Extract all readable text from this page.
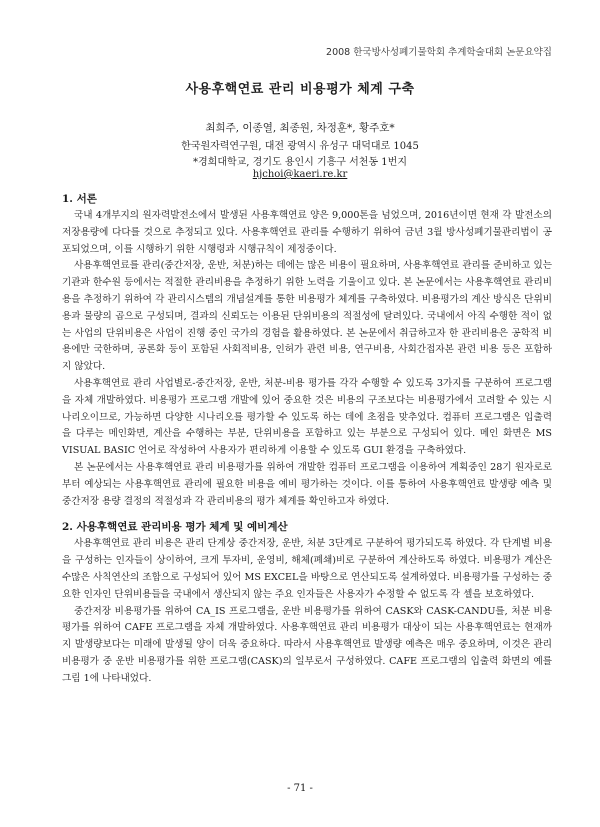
2008 한국방사성폐기물학회 추계학술대회 논문요약집
사용후핵연료 관리 비용평가 체계 구축
최희주, 이종열, 최종원, 차정훈*, 황주호*
한국원자력연구원, 대전 광역시 유성구 대덕대로 1045
*경희대학교, 경기도 용인시 기흥구 서천동 1번지
hjchoi@kaeri.re.kr
1. 서론

국내 4개부지의 원자력발전소에서 발생된 사용후핵연료 양은 9,000톤을 넘었으며, 2016년이면 현재 각 발전소의 저장용량에 다다를 것으로 추정되고 있다. 사용후핵연료 관리를 수행하기 위하여 금년 3월 방사성폐기물관리법이 공포되었으며, 이를 시행하기 위한 시행령과 시행규칙이 제정중이다.

사용후핵연료를 관리(중간저장, 운반, 처분)하는 데에는 많은 비용이 필요하며, 사용후핵연료 관리를 준비하고 있는 기관과 한수원 등에서는 적절한 관리비용을 추정하기 위한 노력을 기울이고 있다. 본 논문에서는 사용후핵연료 관리비용을 추정하기 위하여 각 관리시스템의 개념설계를 통한 비용평가 체계를 구축하였다. 비용평가의 계산 방식은 단위비용과 물량의 곱으로 구성되며, 결과의 신뢰도는 이용된 단위비용의 적절성에 달려있다. 국내에서 아직 수행한 적이 없는 사업의 단위비용은 사업이 진행 중인 국가의 경험을 활용하였다. 본 논문에서 취급하고자 한 관리비용은 공학적 비용에만 국한하며, 공론화 등이 포함된 사회적비용, 인허가 관련 비용, 연구비용, 사회간접자본 관련 비용 등은 포함하지 않았다.

사용후핵연료 관리 사업별로-중간저장, 운반, 처분-비용 평가를 각각 수행할 수 있도록 3가지를 구분하여 프로그램을 자체 개발하였다. 비용평가 프로그램 개발에 있어 중요한 것은 비용의 구조보다는 비용평가에서 고려할 수 있는 시나리오이므로, 가능하면 다양한 시나리오를 평가할 수 있도록 하는 데에 초점을 맞추었다. 컴퓨터 프로그램은 입출력을 다루는 메인화면, 계산을 수행하는 부분, 단위비용을 포함하고 있는 부분으로 구성되어 있다. 메인 화면은 MS VISUAL BASIC 언어로 작성하여 사용자가 편리하게 이용할 수 있도록 GUI 환경을 구축하였다.

본 논문에서는 사용후핵연료 관리 비용평가를 위하여 개발한 컴퓨터 프로그램을 이용하여 계획중인 28기 원자로로부터 예상되는 사용후핵연료 관리에 필요한 비용을 예비 평가하는 것이다. 이를 통하여 사용후핵연료 발생량 예측 및 중간저장 용량 결정의 적절성과 각 관리비용의 평가 체계를 확인하고자 하였다.

2. 사용후핵연료 관리비용 평가 체계 및 예비계산

사용후핵연료 관리 비용은 관리 단계상 중간저장, 운반, 처분 3단계로 구분하여 평가되도록 하였다. 각 단계별 비용을 구성하는 인자들이 상이하여, 크게 투자비, 운영비, 해체(폐쇄)비로 구분하여 계산하도록 하였다. 비용평가 계산은 수많은 사칙연산의 조합으로 구성되어 있어 MS EXCEL을 바탕으로 연산되도록 설계하였다. 비용평가를 구성하는 중요한 인자인 단위비용들을 국내에서 생산되지 않는 주요 인자들은 사용자가 수정할 수 없도록 각 셀을 보호하였다.

중간저장 비용평가를 위하여 CA_IS 프로그램을, 운반 비용평가를 위하여 CASK와 CASK-CANDU를, 처분 비용평가를 위하여 CAFE 프로그램을 자체 개발하였다. 사용후핵연료 관리 비용평가 대상이 되는 사용후핵연료는 현재까지 발생량보다는 미래에 발생될 양이 더욱 중요하다. 따라서 사용후핵연료 발생량 예측은 매우 중요하며, 이것은 관리 비용평가 중 운반 비용평가를 위한 프로그램(CASK)의 일부로서 구성하였다. CAFE 프로그램의 입출력 화면의 예를 그림 1에 나타내었다.

- 71 -
